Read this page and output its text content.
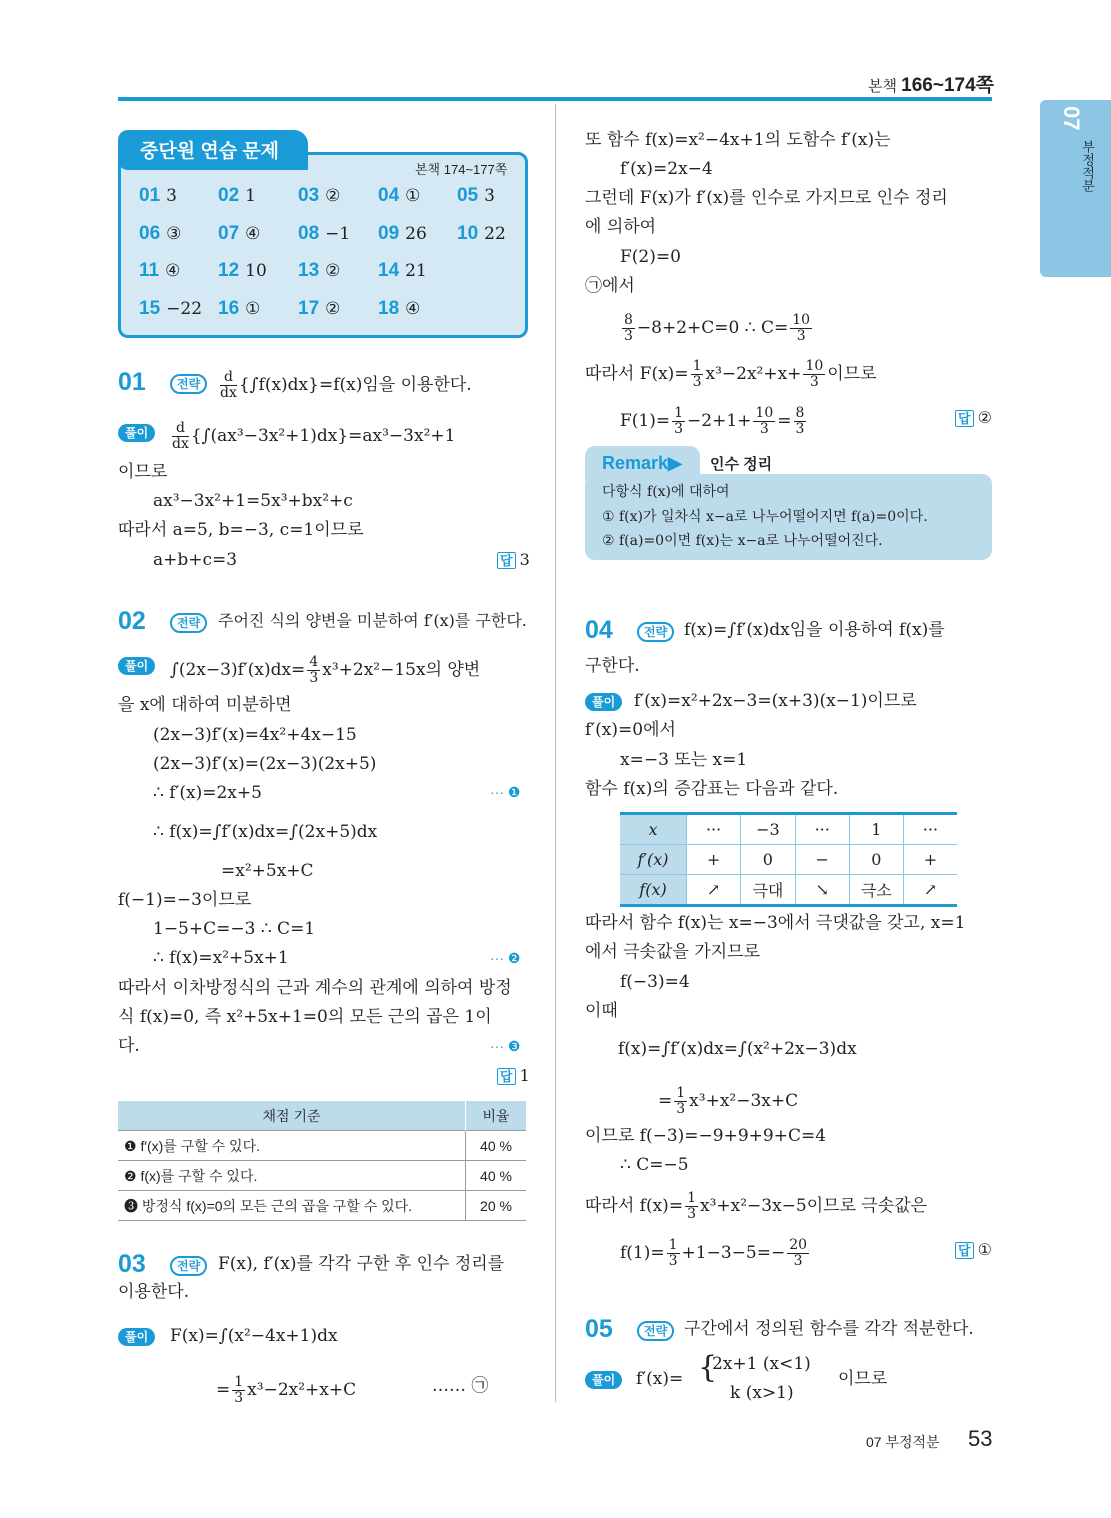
본책 166~174쪽
07
부정적분
중단원 연습 문제
본책 174~177쪽
01 3 02 1 03 ② 04 ① 05 3
06 ③ 07 ④ 08 −1 09 26 10 22
11 ④ 12 10 13 ② 14 21
15 −22 16 ① 17 ② 18 ④
01	전략	$\frac{d}{dx} \{\int f(x)dx\}=f(x)$임을 이용한다.
풀이	$\frac{d}{dx} \{\int(ax^3-3x^2+1)dx\}=ax^3-3x^2+1$
이므로
ax³−3x²+1=5x³+bx²+c
따라서 a=5, b=−3, c=1이므로
a+b+c=3	답 3
02	전략	주어진 식의 양변을 미분하여 f′(x)를 구한다.
풀이	$\int(2x-3)f'(x)dx= \frac{4}{3} x^3+2x^2-15x$의 양변
을 x에 대하여 미분하면
(2x−3)f′(x)=4x²+4x−15
(2x−3)f′(x)=(2x−3)(2x+5)
∴ f′(x)=2x+5	··· ❶
∴ f(x)=∫f′(x)dx=∫(2x+5)dx
=x²+5x+C
f(−1)=−3이므로
1−5+C=−3 ∴ C=1
∴ f(x)=x²+5x+1	··· ❷
따라서 이차방정식의 근과 계수의 관계에 의하여 방정
식 f(x)=0, 즉 x²+5x+1=0의 모든 근의 곱은 1이
다.	··· ❸
답 1
채점 기준	비율
❶ f′(x)를 구할 수 있다.	40 %
❷ f(x)를 구할 수 있다.	40 %
❸ 방정식 f(x)=0의 모든 근의 곱을 구할 수 있다.	20 %
03	전략	F(x), f′(x)를 각각 구한 후 인수 정리를
이용한다.
풀이	F(x)=∫(x²−4x+1)dx
= $\frac{1}{3} x^3-2x^2+x+C$	…… ㉠
또 함수 f(x)=x²−4x+1의 도함수 f′(x)는
f′(x)=2x−4
그런데 F(x)가 f′(x)를 인수로 가지므로 인수 정리
에 의하여
F(2)=0
㉠에서
$\frac{8}{3} -8+2+C=0$ ∴ $C= \frac{10}{3}$
따라서 $F(x)= \frac{1}{3} x^3-2x^2+x+ \frac{10}{3}$ 이므로
$F(1)= \frac{1}{3} -2+1+ \frac{10}{3} = \frac{8}{3}$	답 ②
Remark▶ 인수 정리
다항식 f(x)에 대하여
① f(x)가 일차식 x−a로 나누어떨어지면 f(a)=0이다.
② f(a)=0이면 f(x)는 x−a로 나누어떨어진다.
04	전략 f(x)=∫f′(x)dx임을 이용하여 f(x)를
구한다.
풀이	f′(x)=x²+2x−3=(x+3)(x−1)이므로
f′(x)=0에서
x=−3 또는 x=1
함수 f(x)의 증감표는 다음과 같다.
x	···	−3	···	1	···
f′(x)	+	0	−	0	+
f(x)	↗	극대	↘	극소	↗
따라서 함수 f(x)는 x=−3에서 극댓값을 갖고, x=1
에서 극솟값을 가지므로
f(−3)=4
이때
f(x)=∫f′(x)dx=∫(x²+2x−3)dx
= $\frac{1}{3} x^3+x^2-3x+C$
이므로 f(−3)=−9+9+9+C=4
∴ C=−5
따라서 $f(x)= \frac{1}{3} x^3+x^2-3x-5$이므로 극솟값은
$f(1)= \frac{1}{3} +1-3-5=- \frac{20}{3}$	답 ①
05	전략 구간에서 정의된 함수를 각각 적분한다.
풀이	f′(x)= {
2x+1 (x<1)
k (x>1)
이므로
07 부정적분 53
